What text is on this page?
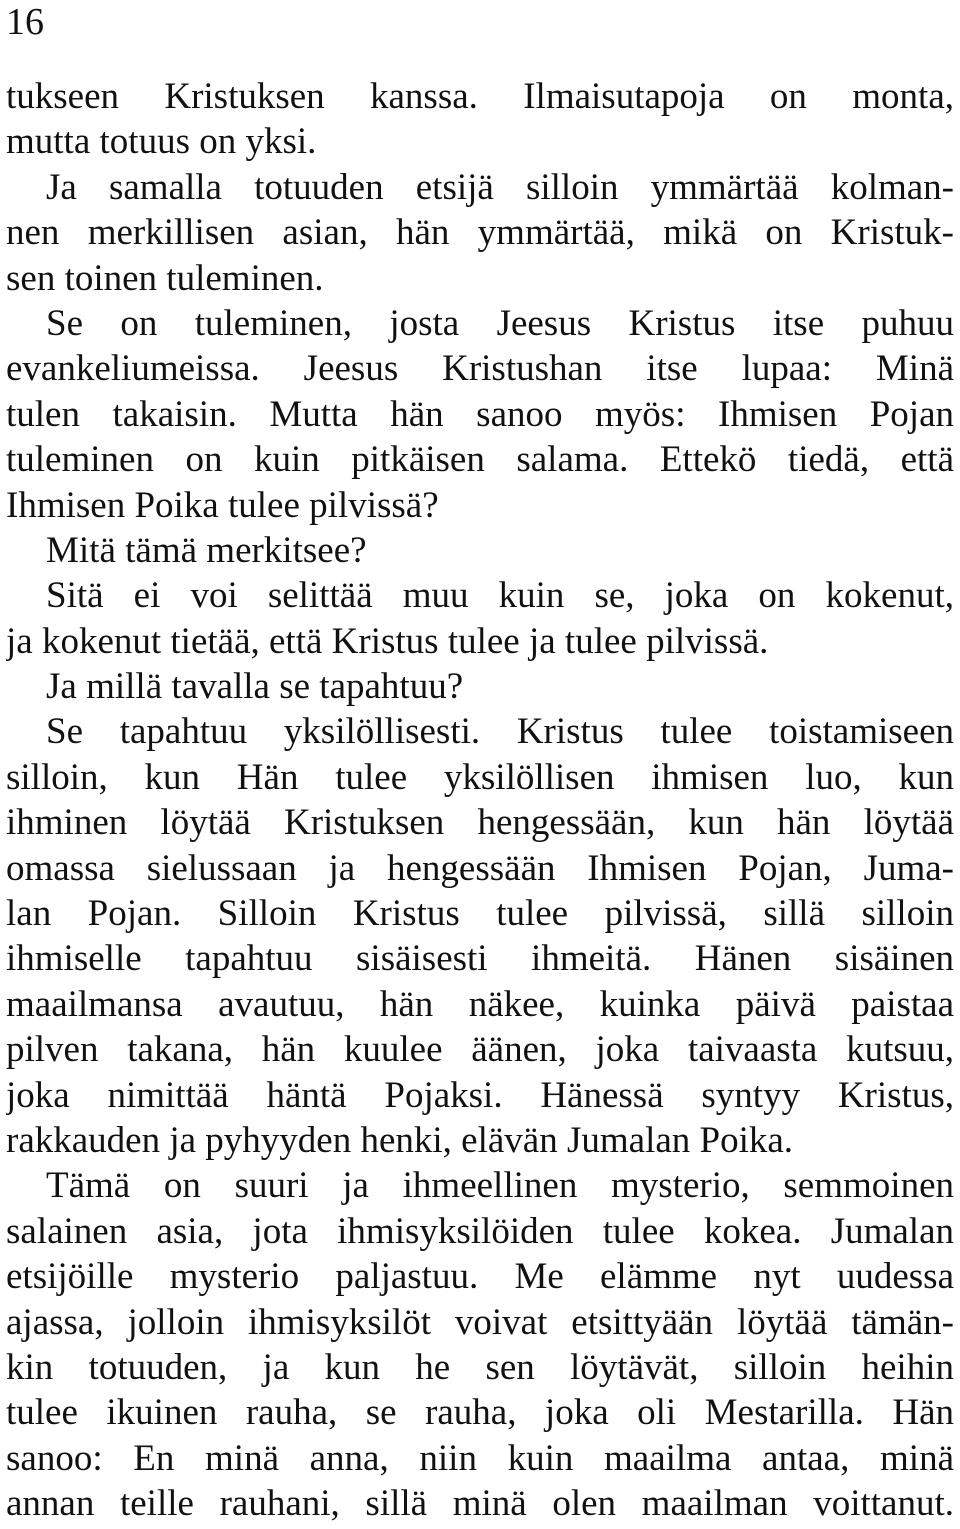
16
tukseen Kristuksen kanssa. Ilmaisutapoja on monta,
mutta totuus on yksi.
Ja samalla totuuden etsijä silloin ymmärtää kolman-
nen merkillisen asian, hän ymmärtää, mikä on Kristuk-
sen toinen tuleminen.
Se on tuleminen, josta Jeesus Kristus itse puhuu
evankeliumeissa. Jeesus Kristushan itse lupaa: Minä
tulen takaisin. Mutta hän sanoo myös: Ihmisen Pojan
tuleminen on kuin pitkäisen salama. Ettekö tiedä, että
Ihmisen Poika tulee pilvissä?
Mitä tämä merkitsee?
Sitä ei voi selittää muu kuin se, joka on kokenut,
ja kokenut tietää, että Kristus tulee ja tulee pilvissä.
Ja millä tavalla se tapahtuu?
Se tapahtuu yksilöllisesti. Kristus tulee toistamiseen
silloin, kun Hän tulee yksilöllisen ihmisen luo, kun
ihminen löytää Kristuksen hengessään, kun hän löytää
omassa sielussaan ja hengessään Ihmisen Pojan, Juma-
lan Pojan. Silloin Kristus tulee pilvissä, sillä silloin
ihmiselle tapahtuu sisäisesti ihmeitä. Hänen sisäinen
maailmansa avautuu, hän näkee, kuinka päivä paistaa
pilven takana, hän kuulee äänen, joka taivaasta kutsuu,
joka nimittää häntä Pojaksi. Hänessä syntyy Kristus,
rakkauden ja pyhyyden henki, elävän Jumalan Poika.
Tämä on suuri ja ihmeellinen mysterio, semmoinen
salainen asia, jota ihmisyksilöiden tulee kokea. Jumalan
etsijöille mysterio paljastuu. Me elämme nyt uudessa
ajassa, jolloin ihmisyksilöt voivat etsittyään löytää tämän-
kin totuuden, ja kun he sen löytävät, silloin heihin
tulee ikuinen rauha, se rauha, joka oli Mestarilla. Hän
sanoo: En minä anna, niin kuin maailma antaa, minä
annan teille rauhani, sillä minä olen maailman voittanut.
